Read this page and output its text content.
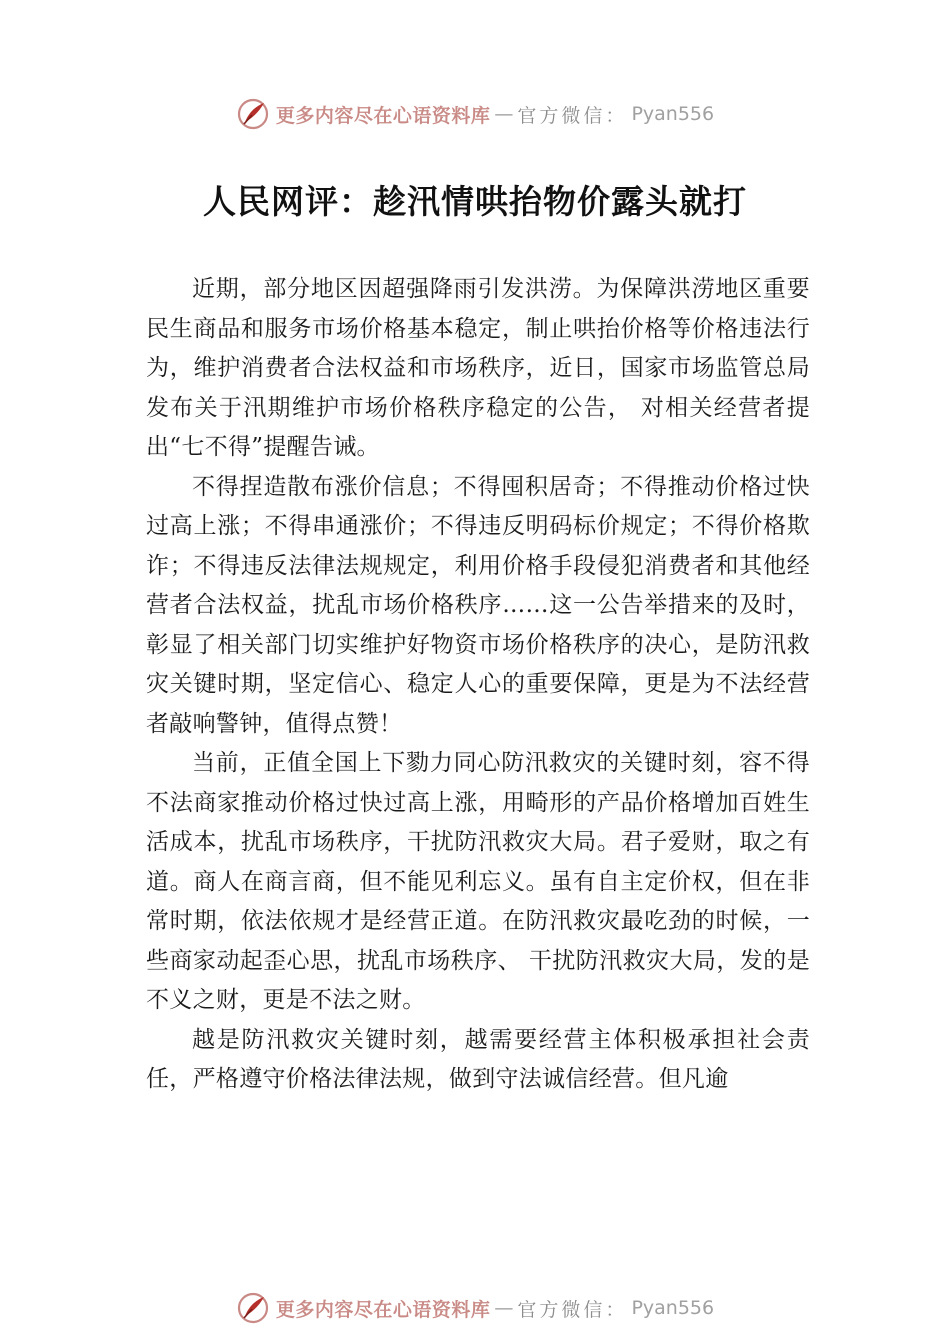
更多内容尽在心语资料库 — 官方微信： Pyan556
人民网评：趁汛情哄抬物价露头就打

近期，部分地区因超强降雨引发洪涝。为保障洪涝地区重要民生商品和服务市场价格基本稳定，制止哄抬价格等价格违法行为，维护消费者合法权益和市场秩序，近日，国家市场监管总局发布关于汛期维护市场价格秩序稳定的公告， 对相关经营者提出“七不得”提醒告诫。

不得捏造散布涨价信息；不得囤积居奇；不得推动价格过快过高上涨；不得串通涨价；不得违反明码标价规定；不得价格欺诈；不得违反法律法规规定，利用价格手段侵犯消费者和其他经营者合法权益，扰乱市场价格秩序……这一公告举措来的及时，彰显了相关部门切实维护好物资市场价格秩序的决心，是防汛救灾关键时期，坚定信心、稳定人心的重要保障，更是为不法经营者敲响警钟，值得点赞！

当前，正值全国上下勠力同心防汛救灾的关键时刻，容不得不法商家推动价格过快过高上涨，用畸形的产品价格增加百姓生活成本，扰乱市场秩序，干扰防汛救灾大局。君子爱财，取之有道。商人在商言商，但不能见利忘义。虽有自主定价权，但在非常时期，依法依规才是经营正道。在防汛救灾最吃劲的时候，一些商家动起歪心思，扰乱市场秩序、 干扰防汛救灾大局，发的是不义之财，更是不法之财。

越是防汛救灾关键时刻，越需要经营主体积极承担社会责任，严格遵守价格法律法规，做到守法诚信经营。但凡逾

更多内容尽在心语资料库 — 官方微信： Pyan556
